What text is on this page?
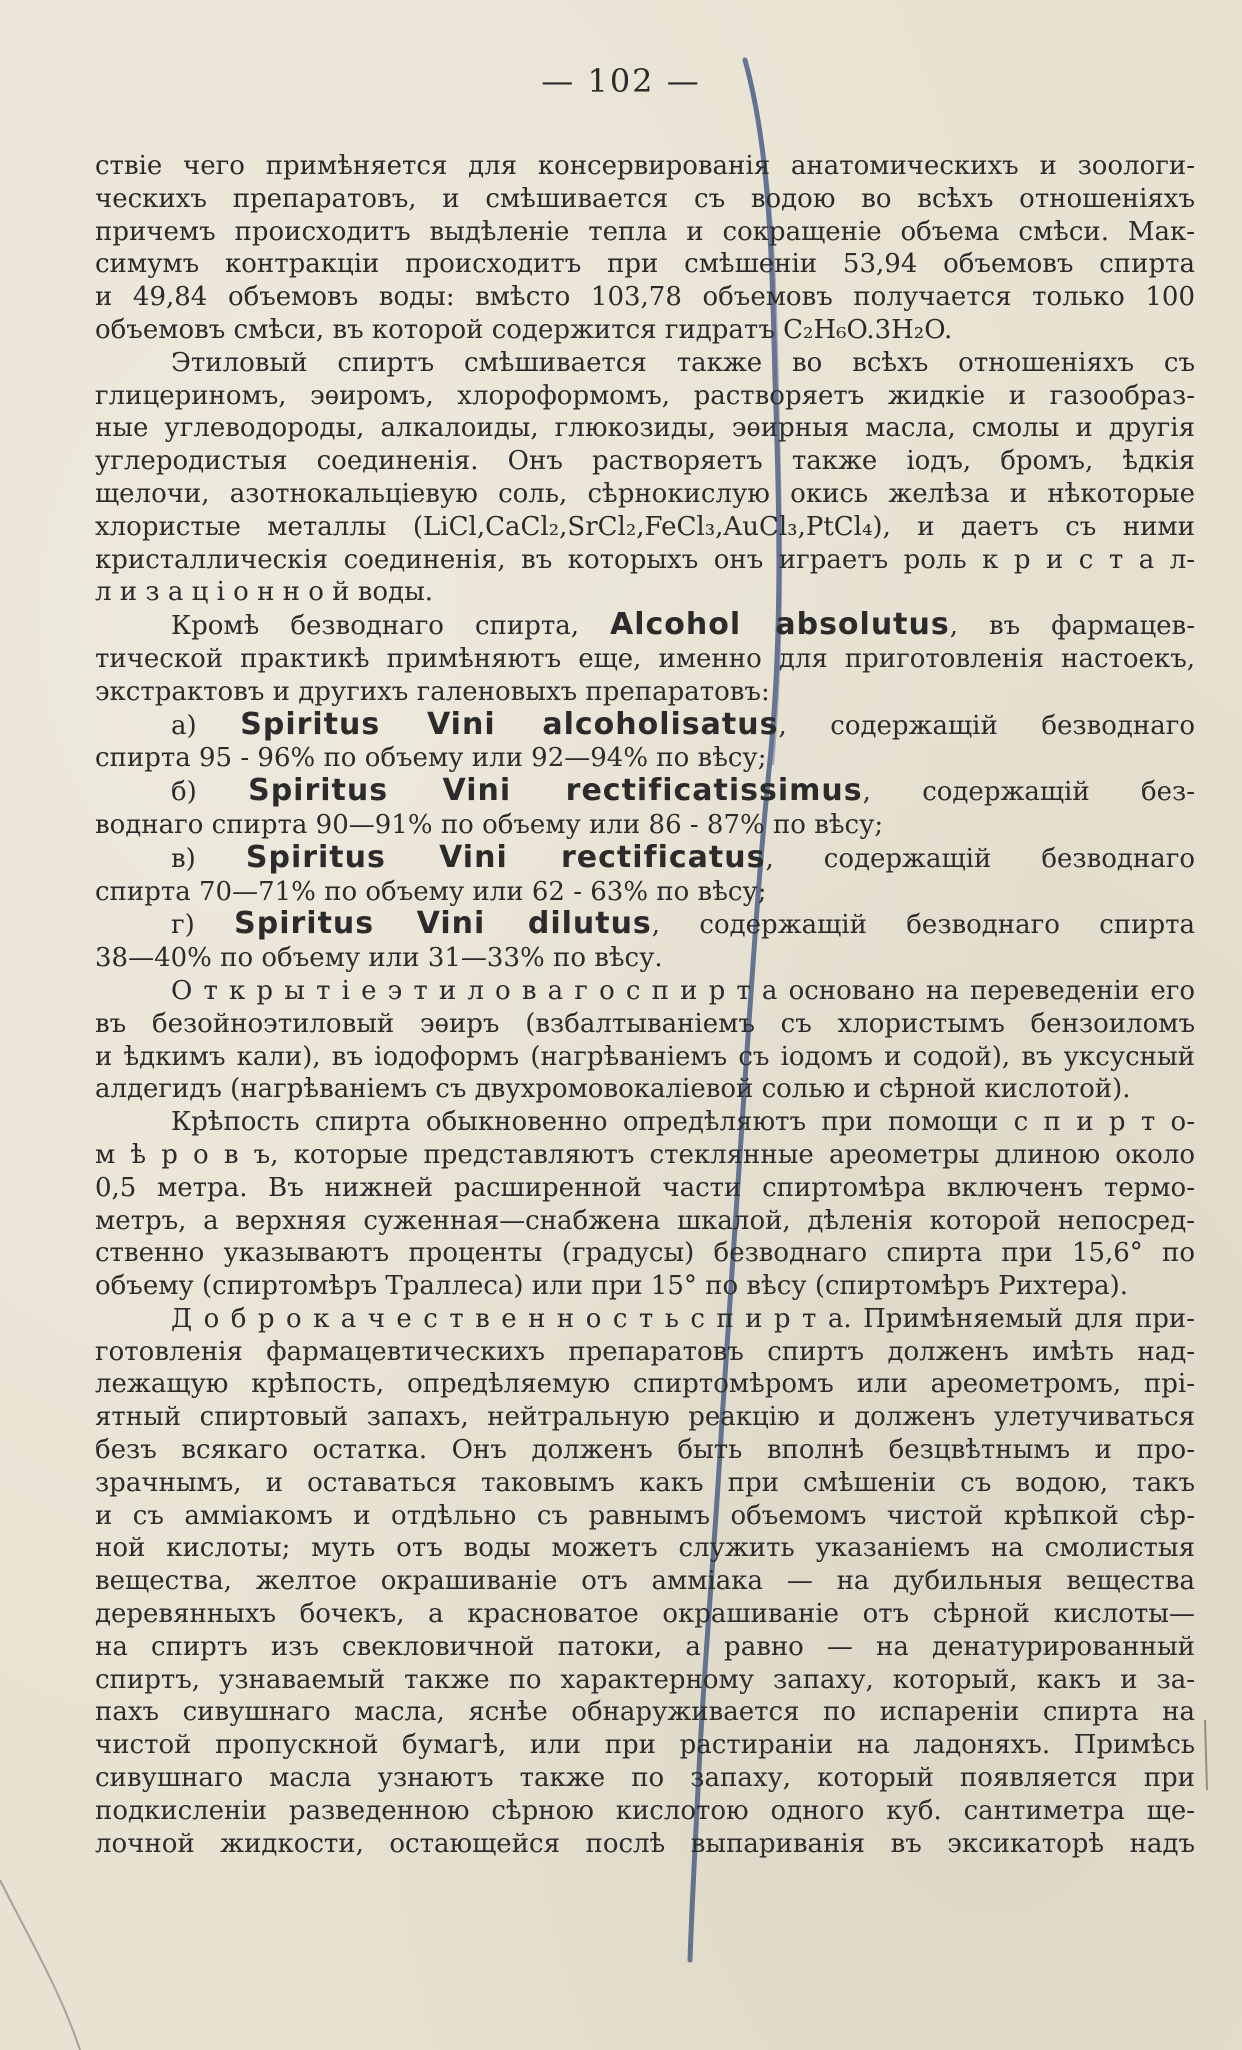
— 102 —
ствіе чего примѣняется для консервированія анатомическихъ и зоологи-
ческихъ препаратовъ, и смѣшивается съ водою во всѣхъ отношеніяхъ
причемъ происходитъ выдѣленіе тепла и сокращеніе объема смѣси. Мак-
симумъ контракціи происходитъ при смѣшеніи 53,94 объемовъ спирта
и 49,84 объемовъ воды: вмѣсто 103,78 объемовъ получается только 100
объемовъ смѣси, въ которой содержится гидратъ C₂H₆O.3H₂O.
Этиловый спиртъ смѣшивается также во всѣхъ отношеніяхъ съ
глицериномъ, эѳиромъ, хлороформомъ, растворяетъ жидкіе и газообраз-
ные углеводороды, алкалоиды, глюкозиды, эѳирныя масла, смолы и другія
углеродистыя соединенія. Онъ растворяетъ также іодъ, бромъ, ѣдкія
щелочи, азотнокальціевую соль, сѣрнокислую окись желѣза и нѣкоторые
хлористые металлы (LiCl,CaCl₂,SrCl₂,FeCl₃,AuCl₃,PtCl₄), и даетъ съ ними
кристаллическія соединенія, въ которыхъ онъ играетъ роль к р и с т а л-
л и з а ц і о н н о й воды.
Кромѣ безводнаго спирта, Alcohol absolutus, въ фармацев-
тической практикѣ примѣняютъ еще, именно для приготовленія настоекъ,
экстрактовъ и другихъ галеновыхъ препаратовъ:
а) Spiritus Vini alcoholisatus, содержащій безводнаго
спирта 95 - 96% по объему или 92—94% по вѣсу;
б) Spiritus Vini rectificatissimus, содержащій без-
воднаго спирта 90—91% по объему или 86 - 87% по вѣсу;
в) Spiritus Vini rectificatus, содержащій безводнаго
спирта 70—71% по объему или 62 - 63% по вѣсу;
г) Spiritus Vini dilutus, содержащій безводнаго спирта
38—40% по объему или 31—33% по вѣсу.
О т к р ы т і е э т и л о в а г о с п и р т а основано на переведеніи его
въ безойноэтиловый эѳиръ (взбалтываніемъ съ хлористымъ бензоиломъ
и ѣдкимъ кали), въ іодоформъ (нагрѣваніемъ съ іодомъ и содой), въ уксусный
алдегидъ (нагрѣваніемъ съ двухромовокаліевой солью и сѣрной кислотой).
Крѣпость спирта обыкновенно опредѣляютъ при помощи с п и р т о-
м ѣ р о в ъ, которые представляютъ стеклянные ареометры длиною около
0,5 метра. Въ нижней расширенной части спиртомѣра включенъ термо-
метръ, а верхняя суженная—снабжена шкалой, дѣленія которой непосред-
ственно указываютъ проценты (градусы) безводнаго спирта при 15,6° по
объему (спиртомѣръ Траллеса) или при 15° по вѣсу (спиртомѣръ Рихтера).
Д о б р о к а ч е с т в е н н о с т ь с п и р т а. Примѣняемый для при-
готовленія фармацевтическихъ препаратовъ спиртъ долженъ имѣть над-
лежащую крѣпость, опредѣляемую спиртомѣромъ или ареометромъ, прі-
ятный спиртовый запахъ, нейтральную реакцію и долженъ улетучиваться
безъ всякаго остатка. Онъ долженъ быть вполнѣ безцвѣтнымъ и про-
зрачнымъ, и оставаться таковымъ какъ при смѣшеніи съ водою, такъ
и съ амміакомъ и отдѣльно съ равнымъ объемомъ чистой крѣпкой сѣр-
ной кислоты; муть отъ воды можетъ служить указаніемъ на смолистыя
вещества, желтое окрашиваніе отъ амміака — на дубильныя вещества
деревянныхъ бочекъ, а красноватое окрашиваніе отъ сѣрной кислоты—
на спиртъ изъ свекловичной патоки, а равно — на денатурированный
спиртъ, узнаваемый также по характерному запаху, который, какъ и за-
пахъ сивушнаго масла, яснѣе обнаруживается по испареніи спирта на
чистой пропускной бумагѣ, или при растираніи на ладоняхъ. Примѣсь
сивушнаго масла узнаютъ также по запаху, который появляется при
подкисленіи разведенною сѣрною кислотою одного куб. сантиметра ще-
лочной жидкости, остающейся послѣ выпариванія въ эксикаторѣ надъ
